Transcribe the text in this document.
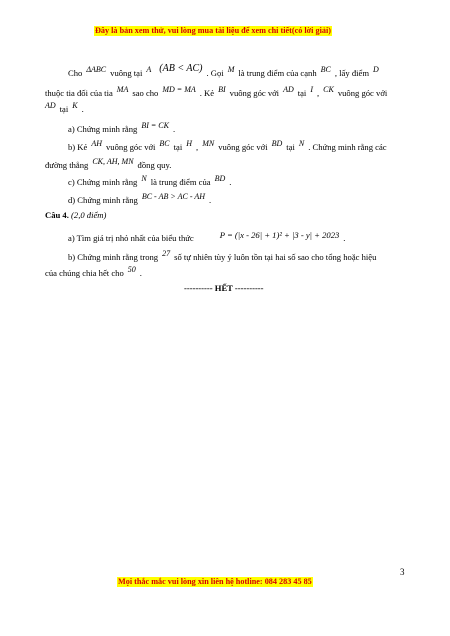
Đây là bản xem thử, vui lòng mua tài liệu để xem chi tiết(có lời giải)
Cho ΔABC vuông tại A (AB < AC) . Gọi M là trung điểm của cạnh BC , lấy điểm D
thuộc tia đối của tia MA sao cho MD = MA . Kẻ BI vuông góc với AD tại I , CK vuông góc với
AD tại K .
a) Chứng minh rằng BI = CK .
b) Kẻ AH vuông góc với BC tại H , MN vuông góc với BD tại N . Chứng minh rằng các
đường thẳng CK, AH, MN đồng quy.
c) Chứng minh rằng N là trung điểm của BD .
d) Chứng minh rằng BC - AB > AC - AH .
Câu 4. (2,0 điểm)
a) Tìm giá trị nhỏ nhất của biểu thức	P = (|x - 26| + 1)² + |3 - y| + 2023 .
b) Chứng minh rằng trong 27 số tự nhiên tùy ý luôn tồn tại hai số sao cho tổng hoặc hiệu
của chúng chia hết cho 50 .
---------- HẾT ----------
3
Mọi thắc mắc vui lòng xin liên hệ hotline: 084 283 45 85
